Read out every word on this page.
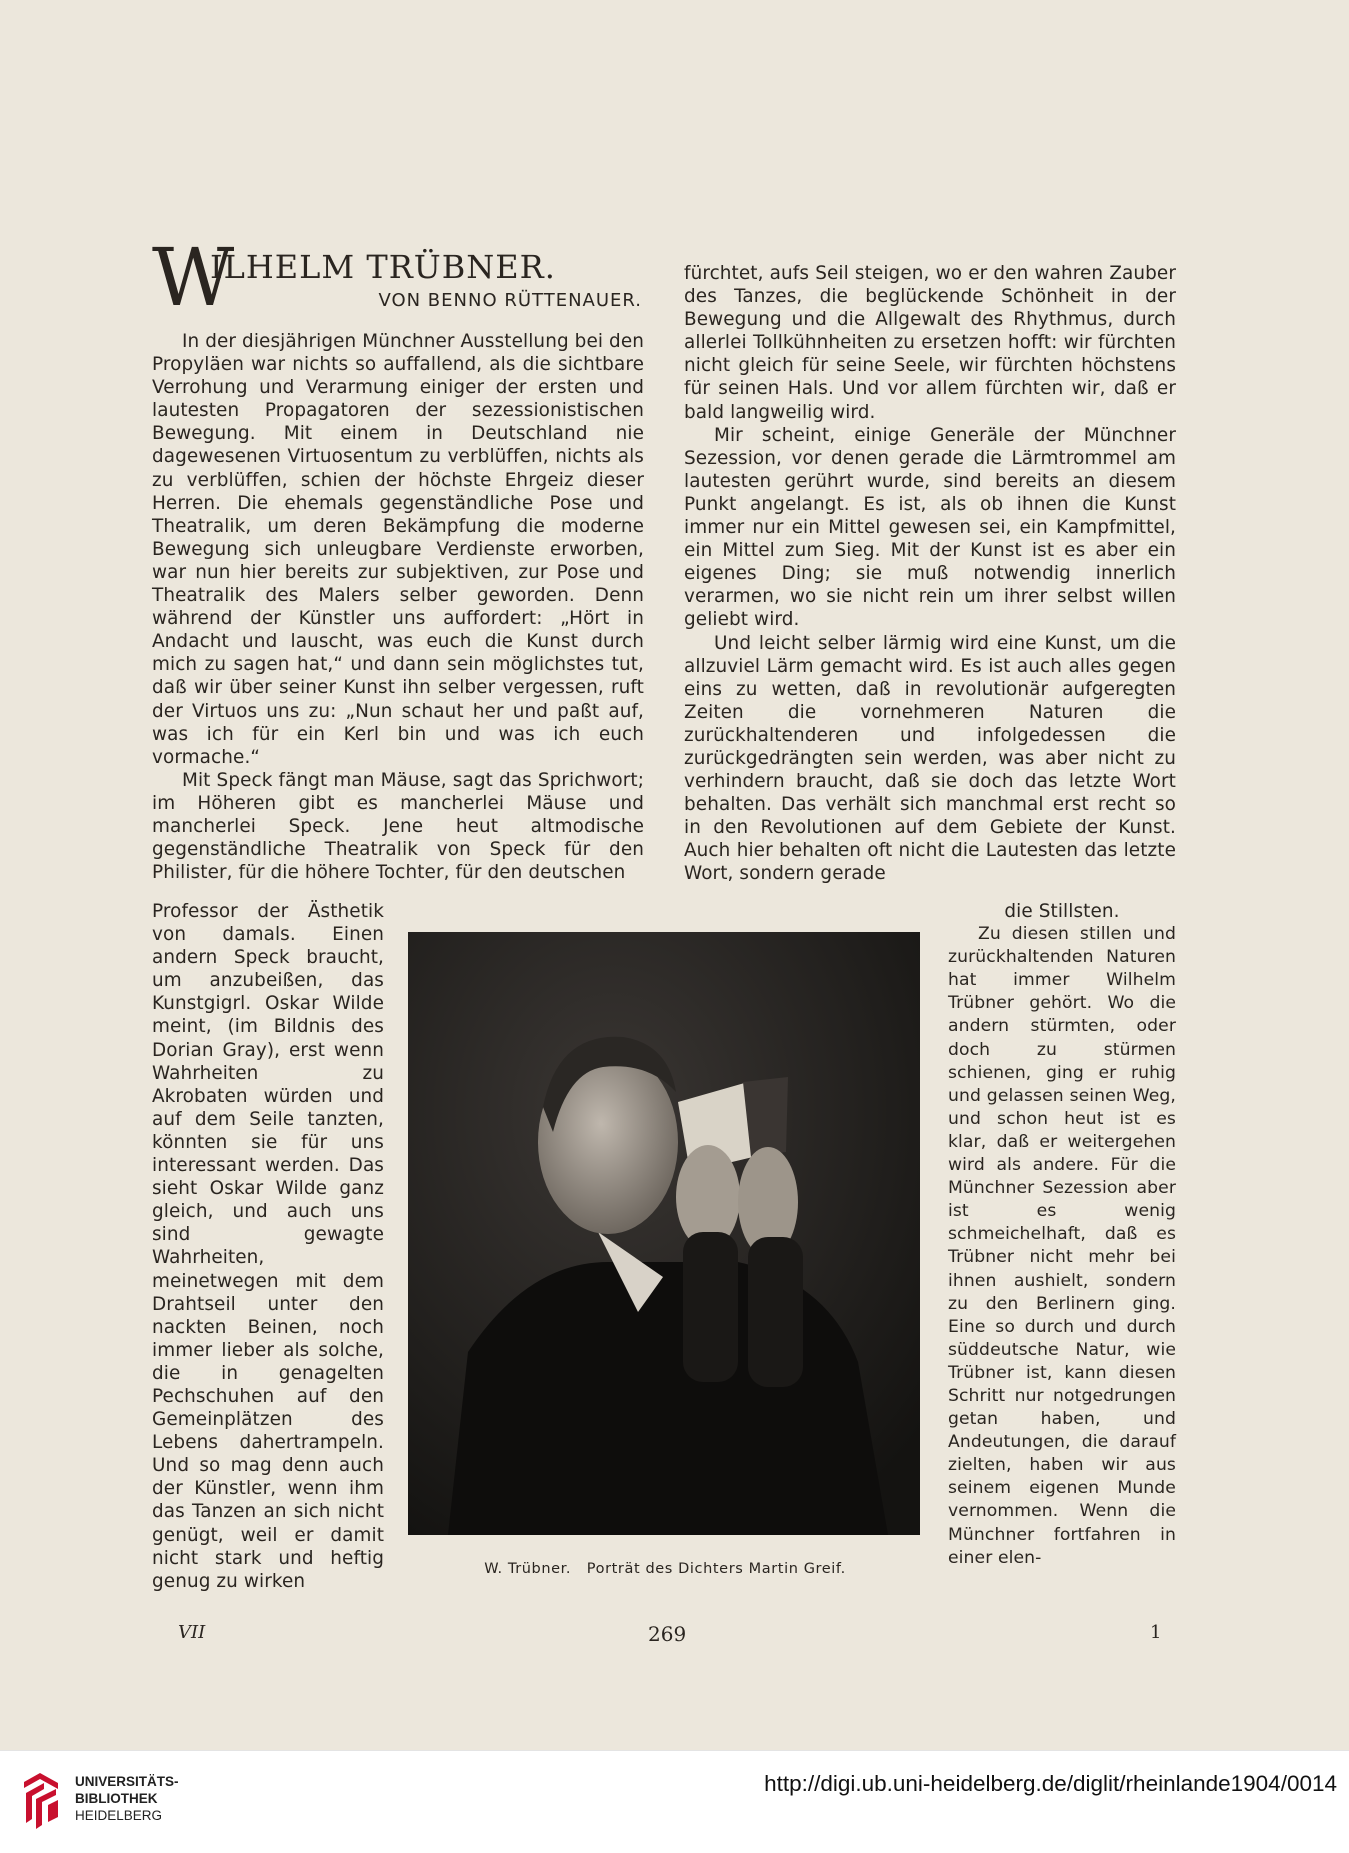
W
ILHELM TRÜBNER.
VON BENNO RÜTTENAUER.

In der diesjährigen Münchner Ausstellung bei den Propyläen war nichts so auffallend, als die sichtbare Verrohung und Verarmung einiger der ersten und lautesten Propagatoren der sezessionistischen Bewegung. Mit einem in Deutschland nie dagewesenen Virtuosentum zu verblüffen, nichts als zu verblüffen, schien der höchste Ehrgeiz dieser Herren. Die ehemals gegenständliche Pose und Theatralik, um deren Bekämpfung die moderne Bewegung sich unleugbare Verdienste erworben, war nun hier bereits zur subjektiven, zur Pose und Theatralik des Malers selber geworden. Denn während der Künstler uns auffordert: „Hört in Andacht und lauscht, was euch die Kunst durch mich zu sagen hat,“ und dann sein möglichstes tut, daß wir über seiner Kunst ihn selber vergessen, ruft der Virtuos uns zu: „Nun schaut her und paßt auf, was ich für ein Kerl bin und was ich euch vormache.“

Mit Speck fängt man Mäuse, sagt das Sprichwort; im Höheren gibt es mancherlei Mäuse und mancherlei Speck. Jene heut altmodische gegenständliche Theatralik von Speck für den Philister, für die höhere Tochter, für den deutschen

Professor der Ästhetik von damals. Einen andern Speck braucht, um anzubeißen, das Kunstgigrl. Oskar Wilde meint, (im Bildnis des Dorian Gray), erst wenn Wahrheiten zu Akrobaten würden und auf dem Seile tanzten, könnten sie für uns interessant werden. Das sieht Oskar Wilde ganz gleich, und auch uns sind gewagte Wahrheiten, meinetwegen mit dem Drahtseil unter den nackten Beinen, noch immer lieber als solche, die in genagelten Pechschuhen auf den Gemeinplätzen des Lebens dahertrampeln. Und so mag denn auch der Künstler, wenn ihm das Tanzen an sich nicht genügt, weil er damit nicht stark und heftig genug zu wirken

fürchtet, aufs Seil steigen, wo er den wahren Zauber des Tanzes, die beglückende Schönheit in der Bewegung und die Allgewalt des Rhythmus, durch allerlei Tollkühnheiten zu ersetzen hofft: wir fürchten nicht gleich für seine Seele, wir fürchten höchstens für seinen Hals. Und vor allem fürchten wir, daß er bald langweilig wird.

Mir scheint, einige Generäle der Münchner Sezession, vor denen gerade die Lärmtrommel am lautesten gerührt wurde, sind bereits an diesem Punkt angelangt. Es ist, als ob ihnen die Kunst immer nur ein Mittel gewesen sei, ein Kampfmittel, ein Mittel zum Sieg. Mit der Kunst ist es aber ein eigenes Ding; sie muß notwendig innerlich verarmen, wo sie nicht rein um ihrer selbst willen geliebt wird.

Und leicht selber lärmig wird eine Kunst, um die allzuviel Lärm gemacht wird. Es ist auch alles gegen eins zu wetten, daß in revolutionär aufgeregten Zeiten die vornehmeren Naturen die zurückhaltenderen und infolgedessen die zurückgedrängten sein werden, was aber nicht zu verhindern braucht, daß sie doch das letzte Wort behalten. Das verhält sich manchmal erst recht so in den Revolutionen auf dem Gebiete der Kunst. Auch hier behalten oft nicht die Lautesten das letzte Wort, sondern gerade

die Stillsten.

Zu diesen stillen und zurückhaltenden Naturen hat immer Wilhelm Trübner gehört. Wo die andern stürmten, oder doch zu stürmen schienen, ging er ruhig und gelassen seinen Weg, und schon heut ist es klar, daß er weitergehen wird als andere. Für die Münchner Sezession aber ist es wenig schmeichelhaft, daß es Trübner nicht mehr bei ihnen aushielt, sondern zu den Berlinern ging. Eine so durch und durch süddeutsche Natur, wie Trübner ist, kann diesen Schritt nur notgedrungen getan haben, und Andeutungen, die darauf zielten, haben wir aus seinem eigenen Munde vernommen. Wenn die Münchner fortfahren in einer elen-

W. Trübner. Porträt des Dichters Martin Greif.
VII	269	1
UNIVERSITÄTS-
BIBLIOTHEK
HEIDELBERG
http://digi.ub.uni-heidelberg.de/diglit/rheinlande1904/0014
